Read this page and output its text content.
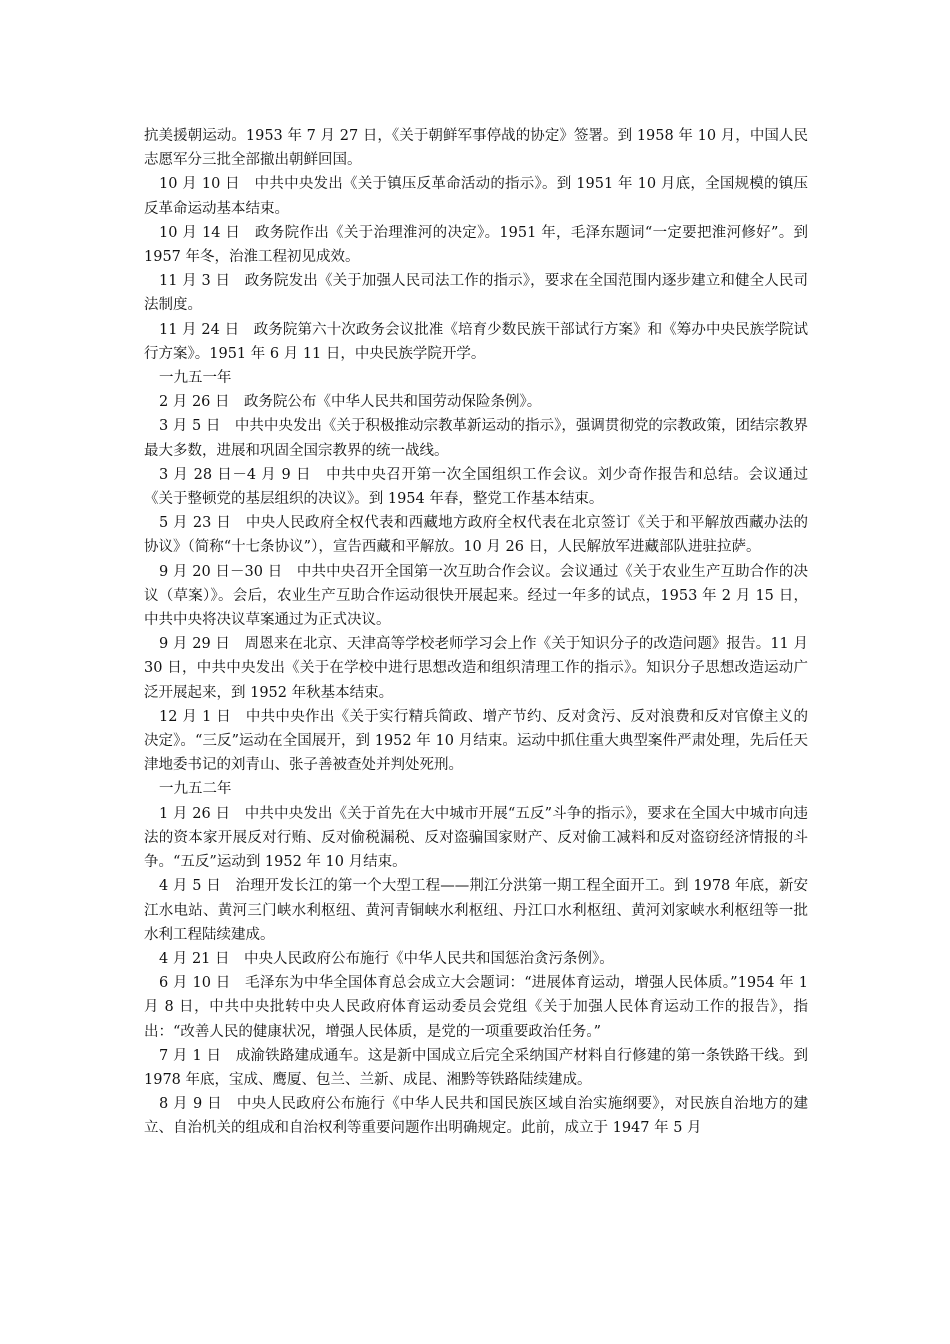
抗美援朝运动。1953 年 7 月 27 日，《关于朝鲜军事停战的协定》签署。到 1958 年 10 月，中国人民志愿军分三批全部撤出朝鲜回国。

10 月 10 日　中共中央发出《关于镇压反革命活动的指示》。到 1951 年 10 月底，全国规模的镇压反革命运动基本结束。

10 月 14 日　政务院作出《关于治理淮河的决定》。1951 年，毛泽东题词“一定要把淮河修好”。到 1957 年冬，治淮工程初见成效。

11 月 3 日　政务院发出《关于加强人民司法工作的指示》，要求在全国范围内逐步建立和健全人民司法制度。

11 月 24 日　政务院第六十次政务会议批准《培育少数民族干部试行方案》和《筹办中央民族学院试行方案》。1951 年 6 月 11 日，中央民族学院开学。

一九五一年

2 月 26 日　政务院公布《中华人民共和国劳动保险条例》。

3 月 5 日　中共中央发出《关于积极推动宗教革新运动的指示》，强调贯彻党的宗教政策，团结宗教界最大多数，进展和巩固全国宗教界的统一战线。

3 月 28 日－4 月 9 日　中共中央召开第一次全国组织工作会议。刘少奇作报告和总结。会议通过《关于整顿党的基层组织的决议》。到 1954 年春，整党工作基本结束。

5 月 23 日　中央人民政府全权代表和西藏地方政府全权代表在北京签订《关于和平解放西藏办法的协议》（简称“十七条协议”），宣告西藏和平解放。10 月 26 日，人民解放军进藏部队进驻拉萨。

9 月 20 日－30 日　中共中央召开全国第一次互助合作会议。会议通过《关于农业生产互助合作的决议（草案）》。会后，农业生产互助合作运动很快开展起来。经过一年多的试点，1953 年 2 月 15 日，中共中央将决议草案通过为正式决议。

9 月 29 日　周恩来在北京、天津高等学校老师学习会上作《关于知识分子的改造问题》报告。11 月 30 日，中共中央发出《关于在学校中进行思想改造和组织清理工作的指示》。知识分子思想改造运动广泛开展起来，到 1952 年秋基本结束。

12 月 1 日　中共中央作出《关于实行精兵简政、增产节约、反对贪污、反对浪费和反对官僚主义的决定》。“三反”运动在全国展开，到 1952 年 10 月结束。运动中抓住重大典型案件严肃处理，先后任天津地委书记的刘青山、张子善被查处并判处死刑。

一九五二年

1 月 26 日　中共中央发出《关于首先在大中城市开展“五反”斗争的指示》，要求在全国大中城市向违法的资本家开展反对行贿、反对偷税漏税、反对盗骗国家财产、反对偷工减料和反对盗窃经济情报的斗争。“五反”运动到 1952 年 10 月结束。

4 月 5 日　治理开发长江的第一个大型工程——荆江分洪第一期工程全面开工。到 1978 年底，新安江水电站、黄河三门峡水利枢纽、黄河青铜峡水利枢纽、丹江口水利枢纽、黄河刘家峡水利枢纽等一批水利工程陆续建成。

4 月 21 日　中央人民政府公布施行《中华人民共和国惩治贪污条例》。

6 月 10 日　毛泽东为中华全国体育总会成立大会题词：“进展体育运动，增强人民体质。”1954 年 1 月 8 日，中共中央批转中央人民政府体育运动委员会党组《关于加强人民体育运动工作的报告》，指出：“改善人民的健康状况，增强人民体质，是党的一项重要政治任务。”

7 月 1 日　成渝铁路建成通车。这是新中国成立后完全采纳国产材料自行修建的第一条铁路干线。到 1978 年底，宝成、鹰厦、包兰、兰新、成昆、湘黔等铁路陆续建成。

8 月 9 日　中央人民政府公布施行《中华人民共和国民族区域自治实施纲要》，对民族自治地方的建立、自治机关的组成和自治权利等重要问题作出明确规定。此前，成立于 1947 年 5 月
